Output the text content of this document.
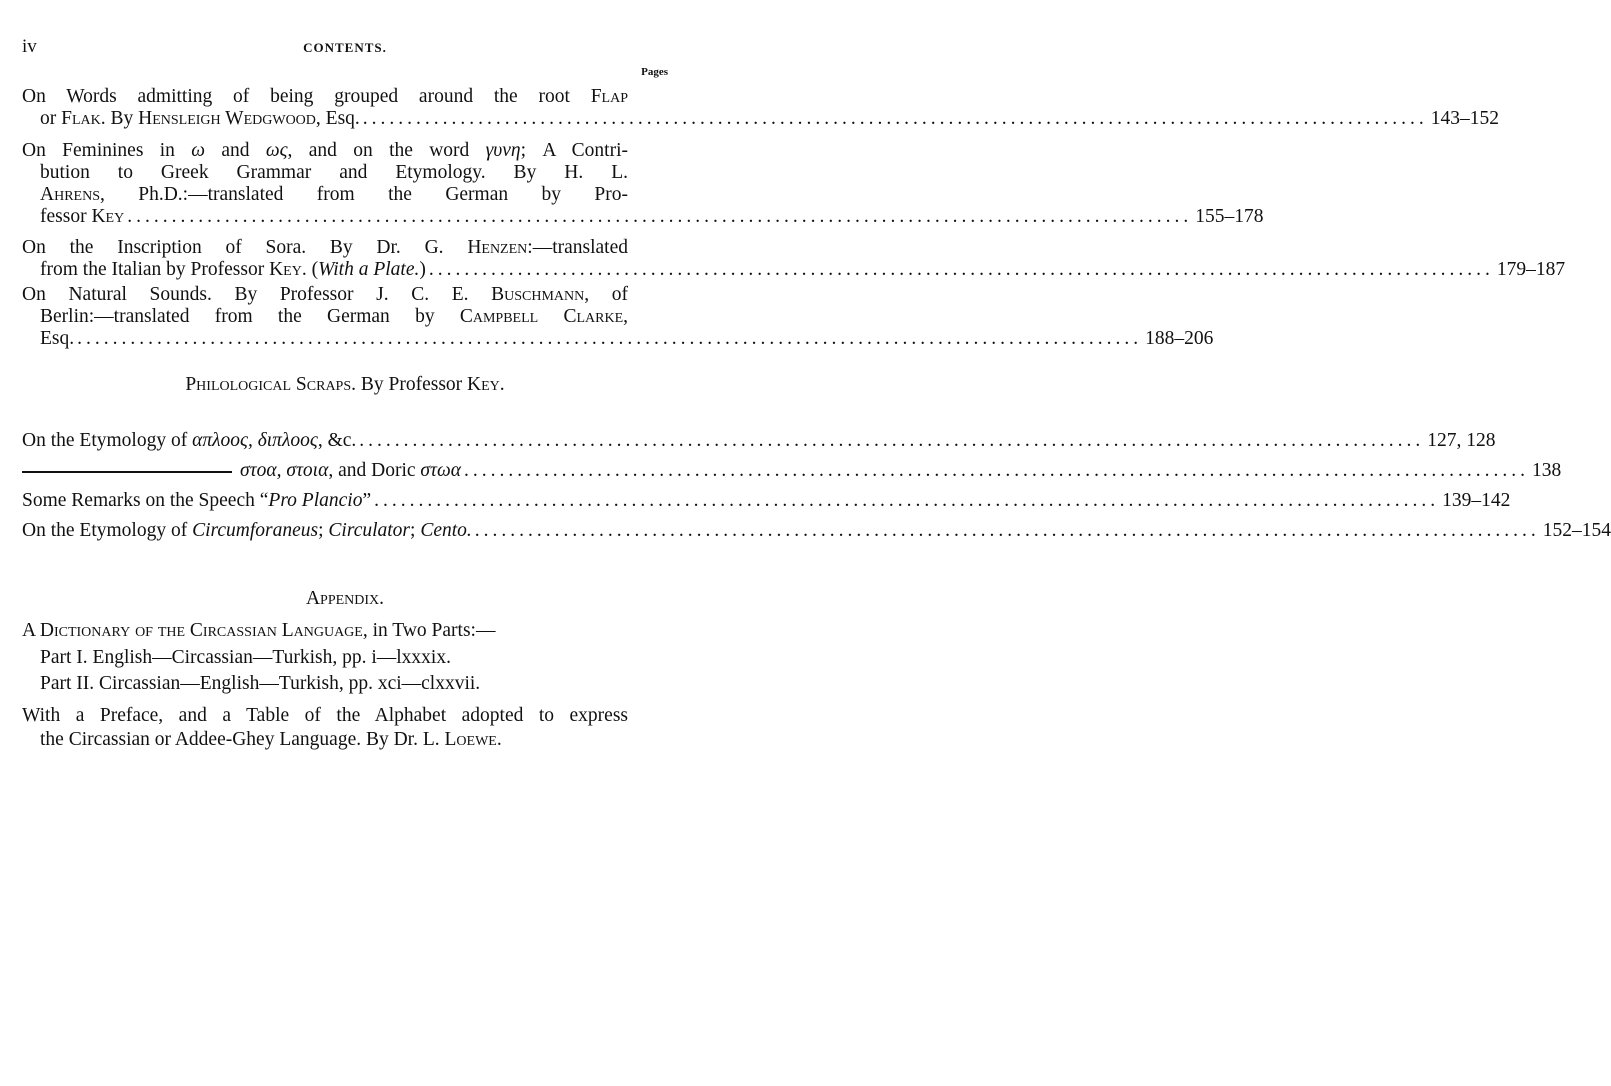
iv	CONTENTS.
Pages
On Words admitting of being grouped around the root Flap
or Flak. By Hensleigh Wedgwood, Esq. ........................................................................................................................ 143–152
On Feminines in ω and ως, and on the word γυνη; A Contri-
bution to Greek Grammar and Etymology. By H. L.
Ahrens, Ph.D.:—translated from the German by Pro-
fessor Key ........................................................................................................................ 155–178
On the Inscription of Sora. By Dr. G. Henzen:—translated
from the Italian by Professor Key. (With a Plate.) ........................................................................................................................ 179–187
On Natural Sounds. By Professor J. C. E. Buschmann, of
Berlin:—translated from the German by Campbell Clarke,
Esq. ........................................................................................................................ 188–206
Philological Scraps. By Professor Key.
On the Etymology of απλοος, διπλοος, &c. ........................................................................................................................ 127, 128
στοα, στοια, and Doric στωα ........................................................................................................................ 138
Some Remarks on the Speech “Pro Plancio” ........................................................................................................................ 139–142
On the Etymology of Circumforaneus; Circulator; Cento. ........................................................................................................................ 152–154
Appendix.
A Dictionary of the Circassian Language, in Two Parts:—
Part I. English—Circassian—Turkish, pp. i—lxxxix.
Part II. Circassian—English—Turkish, pp. xci—clxxvii.
With a Preface, and a Table of the Alphabet adopted to express
the Circassian or Addee-Ghey Language. By Dr. L. Loewe.
